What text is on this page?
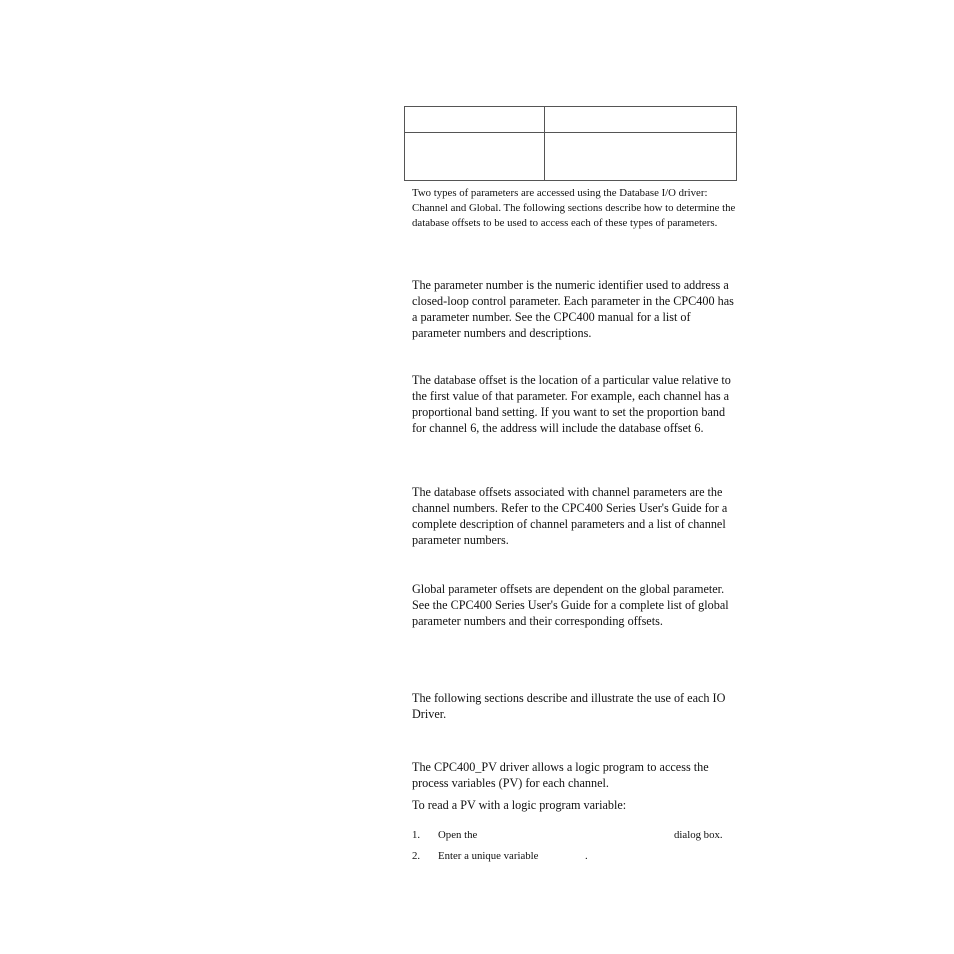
Two types of parameters are accessed using the Database I/O driver: Channel and Global. The following sections describe how to determine the database offsets to be used to access each of these types of parameters.

The parameter number is the numeric identifier used to address a closed-loop control parameter. Each parameter in the CPC400 has a parameter number. See the CPC400 manual for a list of parameter numbers and descriptions.

The database offset is the location of a particular value relative to the first value of that parameter. For example, each channel has a proportional band setting. If you want to set the proportion band for channel 6, the address will include the database offset 6.

The database offsets associated with channel parameters are the channel numbers. Refer to the CPC400 Series User's Guide for a complete description of channel parameters and a list of channel parameter numbers.

Global parameter offsets are dependent on the global parameter. See the CPC400 Series User's Guide for a complete list of global parameter numbers and their corresponding offsets.

The following sections describe and illustrate the use of each IO Driver.

The CPC400_PV driver allows a logic program to access the process variables (PV) for each channel.

To read a PV with a logic program variable:

1. Open the	dialog box.
2. Enter a unique variable	.
